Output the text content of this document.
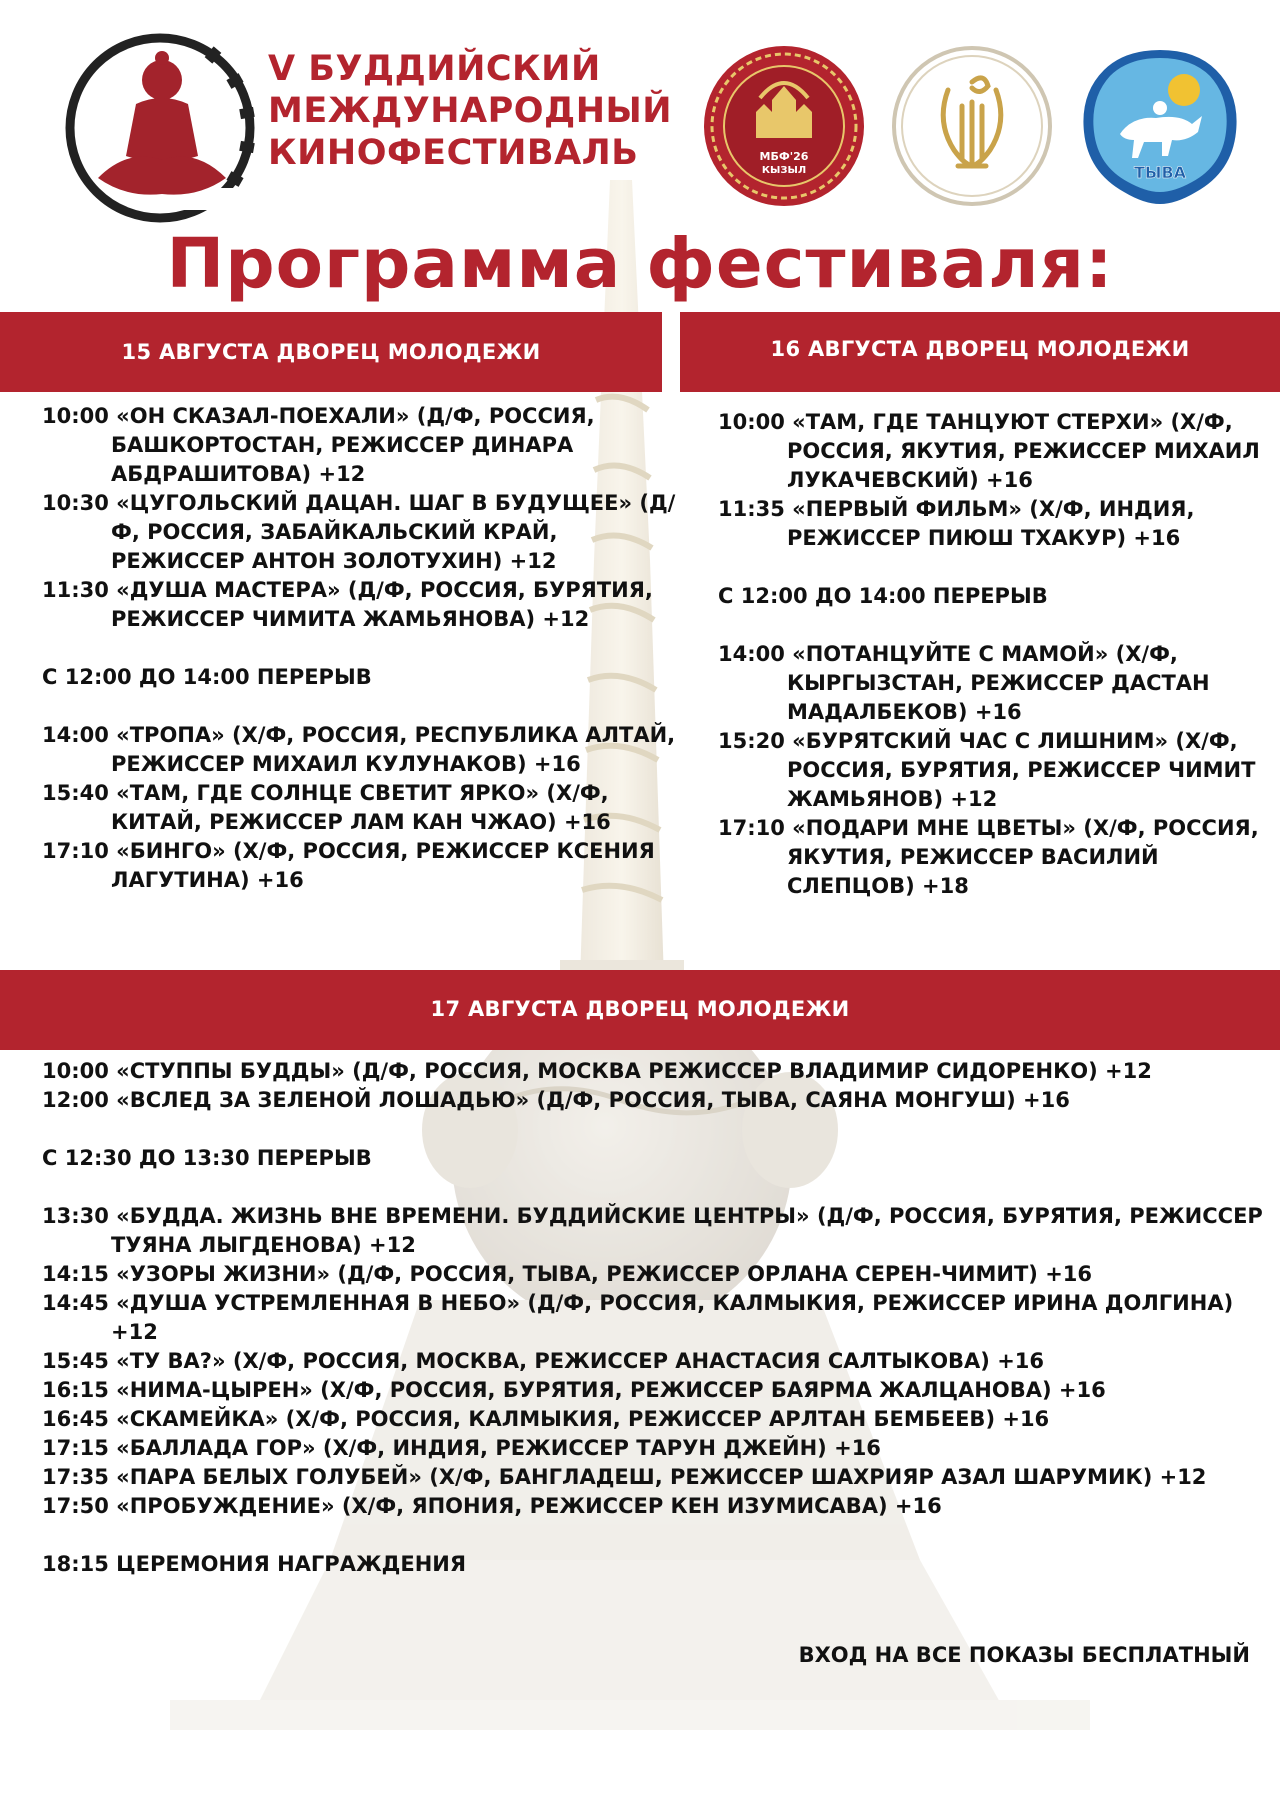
V БУДДИЙСКИЙ
МЕЖДУНАРОДНЫЙ
КИНОФЕСТИВАЛЬ	МБФ'26
КЫЗЫЛ	ТЫВА
Программа фестиваля:
15 АВГУСТА ДВОРЕЦ МОЛОДЕЖИ	16 АВГУСТА ДВОРЕЦ МОЛОДЕЖИ
17 АВГУСТА ДВОРЕЦ МОЛОДЕЖИ
10:00 «ОН СКАЗАЛ-ПОЕХАЛИ» (Д/Ф, РОССИЯ, БАШКОРТОСТАН, РЕЖИССЕР ДИНАРА АБДРАШИТОВА) +12
10:30 «ЦУГОЛЬСКИЙ ДАЦАН. ШАГ В БУДУЩЕЕ» (Д/Ф, РОССИЯ, ЗАБАЙКАЛЬСКИЙ КРАЙ, РЕЖИССЕР АНТОН ЗОЛОТУХИН) +12
11:30 «ДУША МАСТЕРА» (Д/Ф, РОССИЯ, БУРЯТИЯ, РЕЖИССЕР ЧИМИТА ЖАМЬЯНОВА) +12
С 12:00 ДО 14:00 ПЕРЕРЫВ
14:00 «ТРОПА» (Х/Ф, РОССИЯ, РЕСПУБЛИКА АЛТАЙ, РЕЖИССЕР МИХАИЛ КУЛУНАКОВ) +16
15:40 «ТАМ, ГДЕ СОЛНЦЕ СВЕТИТ ЯРКО» (Х/Ф, КИТАЙ, РЕЖИССЕР ЛАМ КАН ЧЖАО) +16
17:10 «БИНГО» (Х/Ф, РОССИЯ, РЕЖИССЕР КСЕНИЯ ЛАГУТИНА) +16
10:00 «ТАМ, ГДЕ ТАНЦУЮТ СТЕРХИ» (Х/Ф, РОССИЯ, ЯКУТИЯ, РЕЖИССЕР МИХАИЛ ЛУКАЧЕВСКИЙ) +16
11:35 «ПЕРВЫЙ ФИЛЬМ» (Х/Ф, ИНДИЯ, РЕЖИССЕР ПИЮШ ТХАКУР) +16
С 12:00 ДО 14:00 ПЕРЕРЫВ
14:00 «ПОТАНЦУЙТЕ С МАМОЙ» (Х/Ф, КЫРГЫЗСТАН, РЕЖИССЕР ДАСТАН МАДАЛБЕКОВ) +16
15:20 «БУРЯТСКИЙ ЧАС С ЛИШНИМ» (Х/Ф, РОССИЯ, БУРЯТИЯ, РЕЖИССЕР ЧИМИТ ЖАМЬЯНОВ) +12
17:10 «ПОДАРИ МНЕ ЦВЕТЫ» (Х/Ф, РОССИЯ, ЯКУТИЯ, РЕЖИССЕР ВАСИЛИЙ СЛЕПЦОВ) +18
10:00 «СТУППЫ БУДДЫ» (Д/Ф, РОССИЯ, МОСКВА РЕЖИССЕР ВЛАДИМИР СИДОРЕНКО) +12
12:00 «ВСЛЕД ЗА ЗЕЛЕНОЙ ЛОШАДЬЮ» (Д/Ф, РОССИЯ, ТЫВА, САЯНА МОНГУШ) +16
С 12:30 ДО 13:30 ПЕРЕРЫВ
13:30 «БУДДА. ЖИЗНЬ ВНЕ ВРЕМЕНИ. БУДДИЙСКИЕ ЦЕНТРЫ» (Д/Ф, РОССИЯ, БУРЯТИЯ, РЕЖИССЕР ТУЯНА ЛЫГДЕНОВА) +12
14:15 «УЗОРЫ ЖИЗНИ» (Д/Ф, РОССИЯ, ТЫВА, РЕЖИССЕР ОРЛАНА СЕРЕН-ЧИМИТ) +16
14:45 «ДУША УСТРЕМЛЕННАЯ В НЕБО» (Д/Ф, РОССИЯ, КАЛМЫКИЯ, РЕЖИССЕР ИРИНА ДОЛГИНА) +12
15:45 «ТУ ВА?» (Х/Ф, РОССИЯ, МОСКВА, РЕЖИССЕР АНАСТАСИЯ САЛТЫКОВА) +16
16:15 «НИМА-ЦЫРЕН» (Х/Ф, РОССИЯ, БУРЯТИЯ, РЕЖИССЕР БАЯРМА ЖАЛЦАНОВА) +16
16:45 «СКАМЕЙКА» (Х/Ф, РОССИЯ, КАЛМЫКИЯ, РЕЖИССЕР АРЛТАН БЕМБЕЕВ) +16
17:15 «БАЛЛАДА ГОР» (Х/Ф, ИНДИЯ, РЕЖИССЕР ТАРУН ДЖЕЙН) +16
17:35 «ПАРА БЕЛЫХ ГОЛУБЕЙ» (Х/Ф, БАНГЛАДЕШ, РЕЖИССЕР ШАХРИЯР АЗАЛ ШАРУМИК) +12
17:50 «ПРОБУЖДЕНИЕ» (Х/Ф, ЯПОНИЯ, РЕЖИССЕР КЕН ИЗУМИСАВА) +16
18:15 ЦЕРЕМОНИЯ НАГРАЖДЕНИЯ
ВХОД НА ВСЕ ПОКАЗЫ БЕСПЛАТНЫЙ
